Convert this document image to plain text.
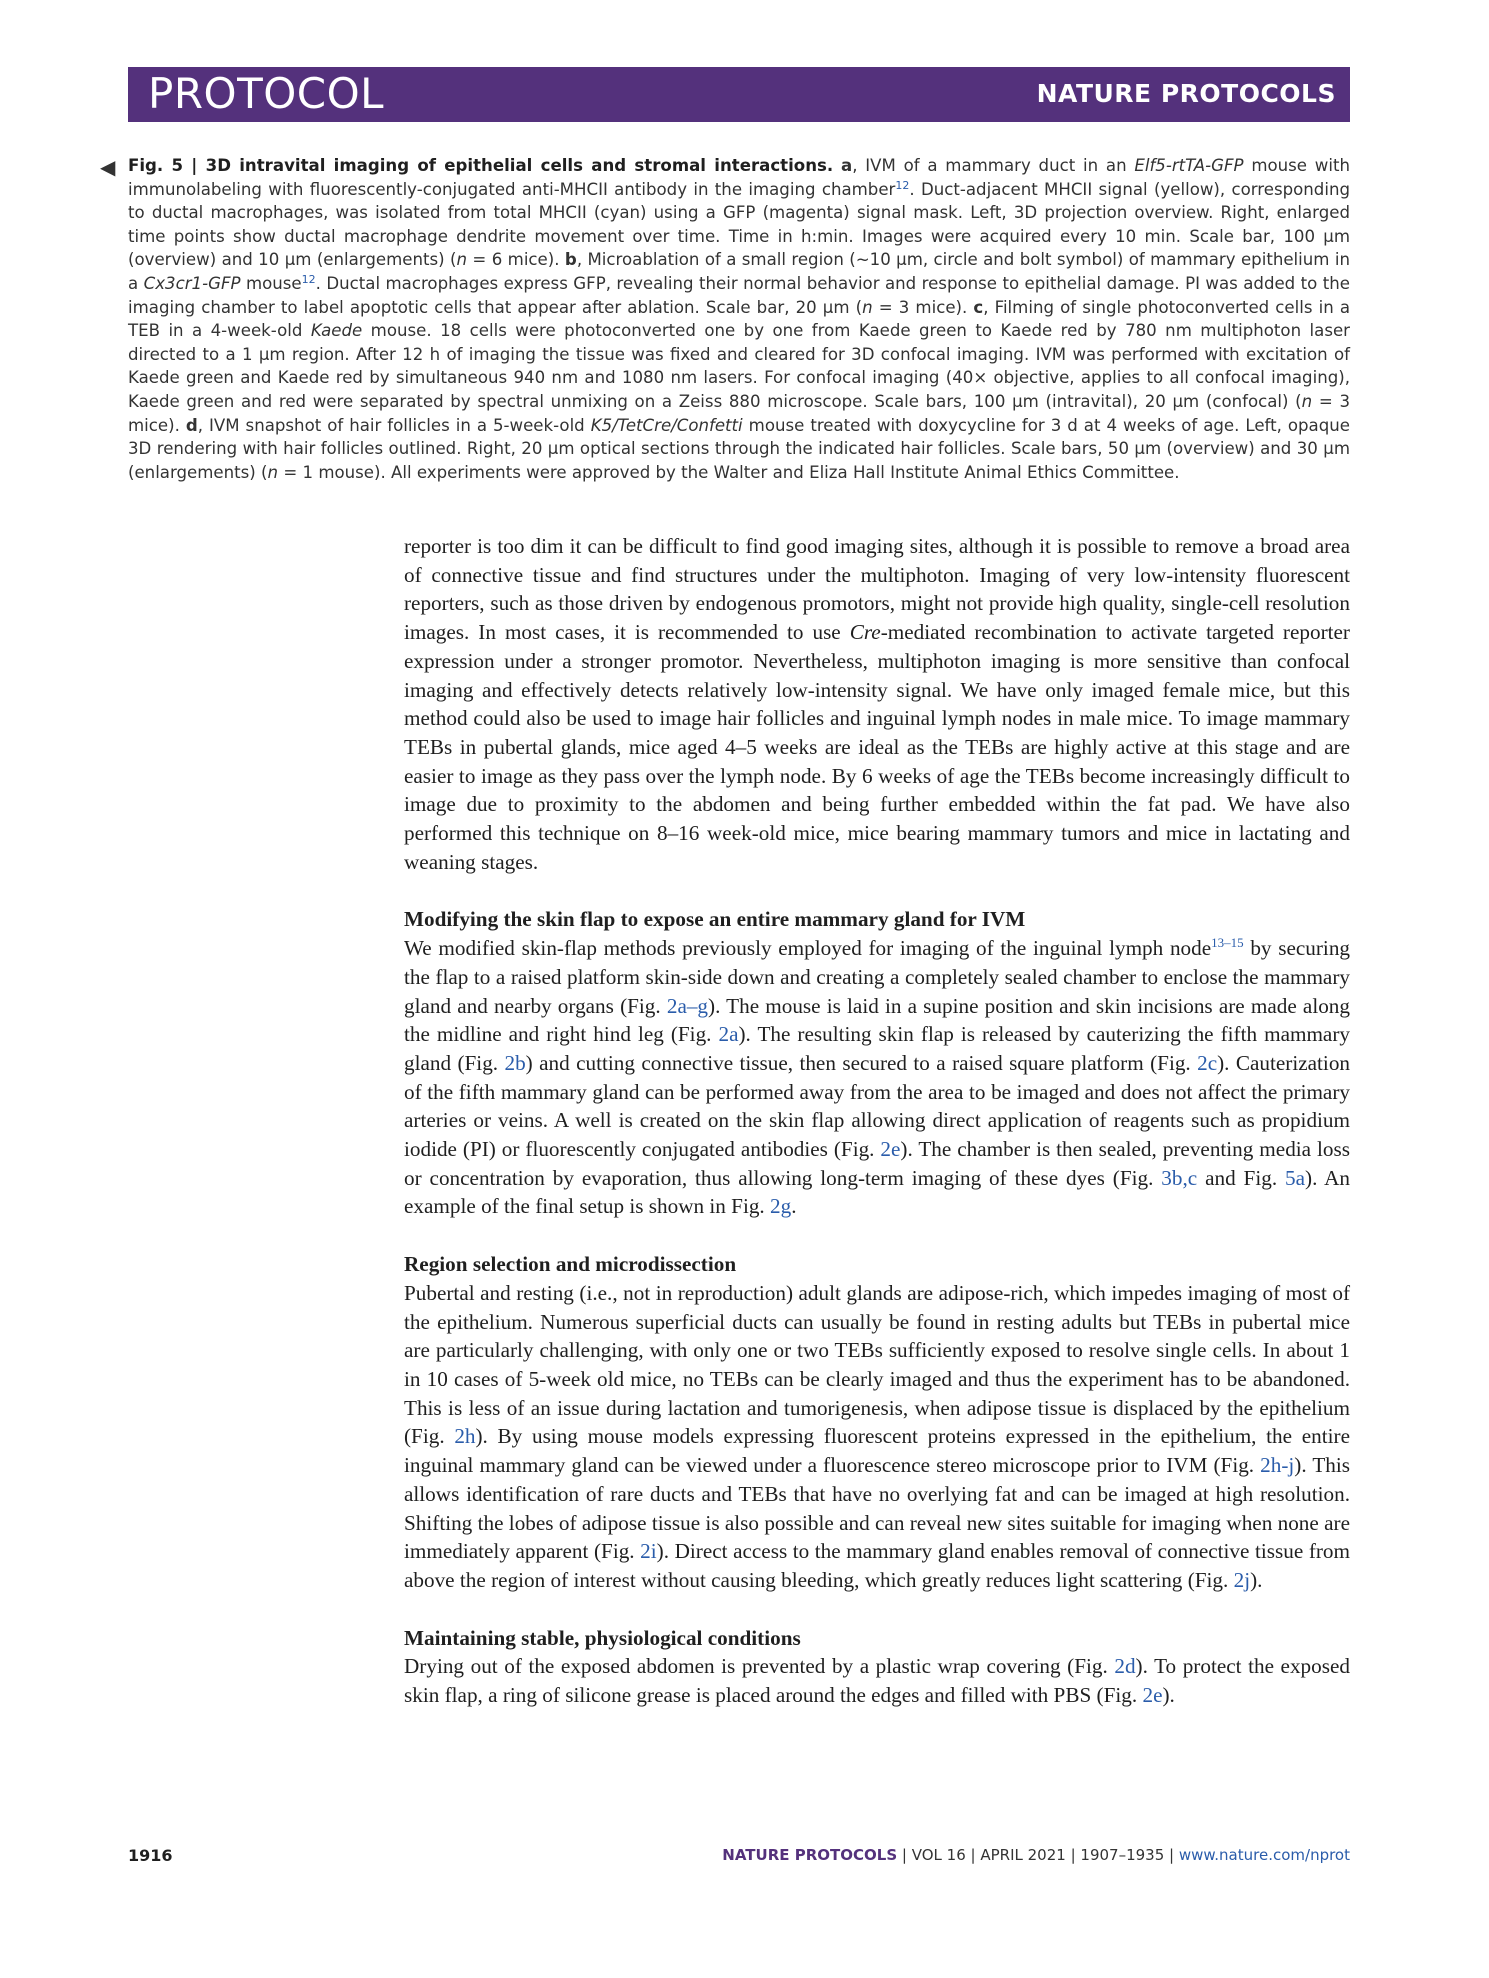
PROTOCOL	NATURE PROTOCOLS
◀ Fig. 5 | 3D intravital imaging of epithelial cells and stromal interactions. a, IVM of a mammary duct in an Elf5-rtTA-GFP mouse with immunolabeling with fluorescently-conjugated anti-MHCII antibody in the imaging chamber$^{12}$. Duct-adjacent MHCII signal (yellow), corresponding to ductal macrophages, was isolated from total MHCII (cyan) using a GFP (magenta) signal mask. Left, 3D projection overview. Right, enlarged time points show ductal macrophage dendrite movement over time. Time in h:min. Images were acquired every 10 min. Scale bar, 100 μm (overview) and 10 μm (enlargements) (n = 6 mice). b, Microablation of a small region (~10 μm, circle and bolt symbol) of mammary epithelium in a Cx3cr1-GFP mouse$^{12}$. Ductal macrophages express GFP, revealing their normal behavior and response to epithelial damage. PI was added to the imaging chamber to label apoptotic cells that appear after ablation. Scale bar, 20 μm (n = 3 mice). c, Filming of single photoconverted cells in a TEB in a 4-week-old Kaede mouse. 18 cells were photoconverted one by one from Kaede green to Kaede red by 780 nm multiphoton laser directed to a 1 μm region. After 12 h of imaging the tissue was fixed and cleared for 3D confocal imaging. IVM was performed with excitation of Kaede green and Kaede red by simultaneous 940 nm and 1080 nm lasers. For confocal imaging (40× objective, applies to all confocal imaging), Kaede green and red were separated by spectral unmixing on a Zeiss 880 microscope. Scale bars, 100 μm (intravital), 20 μm (confocal) (n = 3 mice). d, IVM snapshot of hair follicles in a 5-week-old K5/TetCre/Confetti mouse treated with doxycycline for 3 d at 4 weeks of age. Left, opaque 3D rendering with hair follicles outlined. Right, 20 μm optical sections through the indicated hair follicles. Scale bars, 50 μm (overview) and 30 μm (enlargements) (n = 1 mouse). All experiments were approved by the Walter and Eliza Hall Institute Animal Ethics Committee.

reporter is too dim it can be difficult to find good imaging sites, although it is possible to remove a broad area of connective tissue and find structures under the multiphoton. Imaging of very low-intensity fluorescent reporters, such as those driven by endogenous promotors, might not provide high quality, single-cell resolution images. In most cases, it is recommended to use Cre-mediated recombination to activate targeted reporter expression under a stronger promotor. Nevertheless, multiphoton imaging is more sensitive than confocal imaging and effectively detects relatively low-intensity signal. We have only imaged female mice, but this method could also be used to image hair follicles and inguinal lymph nodes in male mice. To image mammary TEBs in pubertal glands, mice aged 4–5 weeks are ideal as the TEBs are highly active at this stage and are easier to image as they pass over the lymph node. By 6 weeks of age the TEBs become increasingly difficult to image due to proximity to the abdomen and being further embedded within the fat pad. We have also performed this technique on 8–16 week-old mice, mice bearing mammary tumors and mice in lactating and weaning stages.

Modifying the skin flap to expose an entire mammary gland for IVM

We modified skin-flap methods previously employed for imaging of the inguinal lymph node$^{13-15}$ by securing the flap to a raised platform skin-side down and creating a completely sealed chamber to enclose the mammary gland and nearby organs (Fig. 2a–g). The mouse is laid in a supine position and skin incisions are made along the midline and right hind leg (Fig. 2a). The resulting skin flap is released by cauterizing the fifth mammary gland (Fig. 2b) and cutting connective tissue, then secured to a raised square platform (Fig. 2c). Cauterization of the fifth mammary gland can be performed away from the area to be imaged and does not affect the primary arteries or veins. A well is created on the skin flap allowing direct application of reagents such as propidium iodide (PI) or fluorescently conjugated antibodies (Fig. 2e). The chamber is then sealed, preventing media loss or concentration by evaporation, thus allowing long-term imaging of these dyes (Fig. 3b,c and Fig. 5a). An example of the final setup is shown in Fig. 2g.

Region selection and microdissection

Pubertal and resting (i.e., not in reproduction) adult glands are adipose-rich, which impedes imaging of most of the epithelium. Numerous superficial ducts can usually be found in resting adults but TEBs in pubertal mice are particularly challenging, with only one or two TEBs sufficiently exposed to resolve single cells. In about 1 in 10 cases of 5-week old mice, no TEBs can be clearly imaged and thus the experiment has to be abandoned. This is less of an issue during lactation and tumorigenesis, when adipose tissue is displaced by the epithelium (Fig. 2h). By using mouse models expressing fluorescent proteins expressed in the epithelium, the entire inguinal mammary gland can be viewed under a fluorescence stereo microscope prior to IVM (Fig. 2h-j). This allows identification of rare ducts and TEBs that have no overlying fat and can be imaged at high resolution. Shifting the lobes of adipose tissue is also possible and can reveal new sites suitable for imaging when none are immediately apparent (Fig. 2i). Direct access to the mammary gland enables removal of connective tissue from above the region of interest without causing bleeding, which greatly reduces light scattering (Fig. 2j).

Maintaining stable, physiological conditions

Drying out of the exposed abdomen is prevented by a plastic wrap covering (Fig. 2d). To protect the exposed skin flap, a ring of silicone grease is placed around the edges and filled with PBS (Fig. 2e).

1916	NATURE PROTOCOLS | VOL 16 | APRIL 2021 | 1907–1935 | www.nature.com/nprot
